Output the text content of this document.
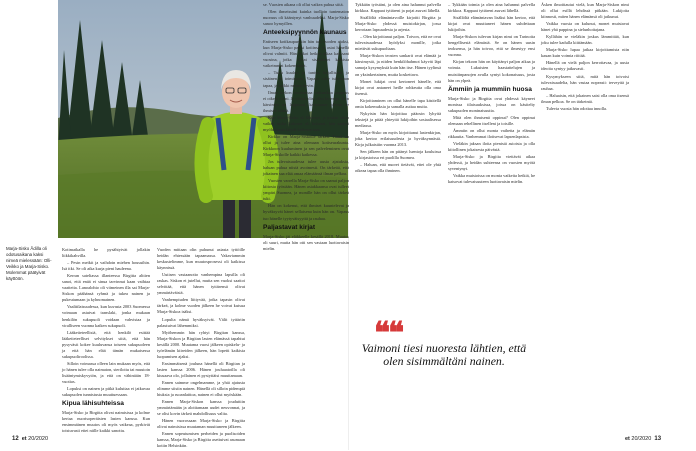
Marja-Sisko Ådilla oli odotusaikana kaksi nimeä mielessään: Olli-Veikko ja Marja-Sisko. Molemmat päätyivät käyttöön.

Kotimatkalla he pysähtyivät jollakin liikkikahvilla.

– Pesin meikit ja vaihdoin miehen housuihin. Isä itki. Se oli aika kurja pieni hauleena.

Kerran sateliassa illanteessa Birgitta alttien sanoi, että enää ei sinua tarvinnut kaan vaihtaa vaatteita. Lanoalohto oli viimeinen illa sai Marja-Siskon päähänsä ryhmä ja tukea nainen ja pukeutumaan ja kyhnomainen.

Vaalitilaisuudessa, kun kuvasta 2003 Suomessa voimaan astuivat translaki, jonka mukaan henkilön sukupuoli voidaan vahvistaa ja viralliseen vuonna kaiken sukupuoli.

Lääketieteellisiä, että henkilö esittää lääketieteelliset selvitykset siitä, että hän pysyvästi kokee kuuluvansa toiseen sukupuoleen ja että hän elää tämän mukaisessa sukupuoliroolissa.

Silloin voimassa olleen lain mukaan myös, että jo hänen tulee olla naimaton, steriloitu tai muutoin lisääntymiskyvytön, ja että on vähintään 18-vuotias.

Lopuksi on nainen ja pitkä kuluttaa ei jatkuvaa sukupuolen tunnistusta muuttuessaan.

Kipua lähisuhteissa

Marja-Sisko ja Birgitta olivat naimisissa ja kolme kertaa nuorisoperäisten lasten kanssa. Kun ensimmäinen muutos oli myös vaikeaa, pyrkivät toistuvasti ettei niille kaikki sanottu.

Vuoden mittaan olin puhunut asiasta tyttöille heidän ehtessään tapaamassa. Vakaviammin keskustelimme, kun muutosprosessi oli kaikissa käynnissä.

Uutisen vastaanotto vanhempina lapsilla oli raskas. Siskon ei jutellut, mutta sen vuoksi saattoi selvittää, että hänen tyttärensä olivat ymmärtäväisiä.

Vanhempiuden liittyvää, jotka tapasin olivat tärkeä, ja kolme vuoden jälkeen he voivat kutsua Marja-Siskoa isäksi.

Lopulta nämä hyväksyivät. Välit tyttäriin palautuivat lähemmiksi.

Myöhemmin hän ryhtyi Birgitan kanssa, Marja-Siskon ja Birgitan lasten elämässä tapahtui kesällä 2000. Muutama vuosi jälkeen opiskelu- ja työelämän kiireiden jälkeen, hän lopetti kaikista luopumisen ajaksi.

Ensimmäisenä jouluna hänellä oli Birgitan ja lasten kanssa 2006. Hänen jouluaatoilla oli kiusaava olo, jollainen ei pystyttäisi muuttamaan.

Ennen saimme ongelmamme, ja yhtä ajatusta olimme siistin nainen. Hänellä oli silloin pidempiä hiuksia ja ruoanlaittoa, nainen ei ollut myöskään.

Ennen Marja-Siskon kanssa jouduttiin ymmärtämään ja aloittamaan uudet neuvonnat, ja se olisi kovin tärkeä mahdollisuus valita.

Hänen vuorossaan Marja-Sisko ja Birgitta olivat naimisissa muutaman muuttuneen jälkeen.

Ennen sopeutumisen perheiden ja puolisoiden kanssa, Marja-Sisko ja Birgitta asettuivat asumaan kotiin Helsinkiin.

se. Vuosien aikana oli ollut vaikea puhua siitä.

Olen ihmeissäni kuinka tuolloin tuntematon nuoruus oli kääntynyt vanhuudeksi. Marja-Sisko sanoo hymyillen.

Anteeksipyynnön kaunaus

Entiseen kotikaupunkiin hän tuli vuoden ajaksi, kun Marja-Sisko palasi kotiinsa, ja asiat hänellä olivat valmiit. Hän jatkoi hetken aikaa kanssani vuosina, jotka olivat sisältäneet kaikista vaikeimmat kokemukset.

– Tuttu kuuluu ja tuntuu kirjallisesti ja sisäinen ja toimimaan. Vapaus tulee tukemaan tapaa, ja kaikki menee hyvin.

Ilman kirkon osoittamaa virkaaikaa pappeus ei oikein toimi. Ja elämä olisi ollut kivempi. Kun kärsimys on loppunut, katsomme olevan se ihmisen elämä.

Kun Marja-Sisko oli lähtenyt, ja jonkin aikaa vaikea tuska kirkosta oli kulunut, hän saattoi myöhemmin käydä kirkossa taas.

Kirkko on Marja-Siskolle tärkeä. Tämä on ollut ja tulee aina olemaan kotiseurakunta. Kirkkoon kuuluminen ja sen palveleminen ovat Marja-Siskolle kaikki kaikessa.

Jos tulevaisuudessa tulee uusia ajatuksia, haluan puhua niistä avoimesti. On tärkeää, että jokainen saa elää omaa elämäänsä ilman pelkoa.

Vuosien varrella Marja-Sisko on saanut paljon kiitosta työstään. Hänen asiakkaansa ovat tulleet ympäri Suomea, ja monille hän on ollut tärkeä tuki.

Hän on kokenut, että ihmiset kuuntelevat ja hyväksyvät hänet sellaisena kuin hän on. Vapaus tuo hänelle tyytyväisyyttä ja rauhaa.

Paljastavat kirjat

Marja-Sisko jäi eläkkeelle kesällä 2018. Muutos oli suuri, mutta hän otti sen vastaan luottavaisin mielin.

Tykkään työstäni, ja olen aina halunnut palvella kirkkoa. Kappaat tyttäreni ja pojat asuvat lähellä.

Sisällöltä elämäntavoille kirjoitti Birgitta ja Marja-Sisko yhdessä muistokirjan, jossa kerrotaan lapsuudesta ja arjesta.

– Olen kirjoittanut paljon. Toivon, että ne ovat tulevaisuudessa hyödyksi monille, jotka miettivät sukupuoltaan.

Marja-Siskon teosten sankarit ovat elämää ja kärsimystä, ja niiden henkilöhahmot käyvät läpi samoja kysymyksiä kuin hän itse. Hänen tyylinsä on yksinkertainen, mutta koskettava.

Monet lukijat ovat kertoneet hänelle, että kirjat ovat antaneet heille rohkeutta olla oma itsensä.

Kirjoittaminen on ollut hänelle tapa käsitellä omia kokemuksia ja samalla auttaa muita.

Nykyisin hän kirjoittaa pääosin lyhyitä tekstejä ja pitää yhteyttä lukijoihin sosiaalisessa mediassa.

Marja-Sisko on myös kirjoittanut lastenkirjan, joka kertoo erilaisuudesta ja hyväksynnästä. Kirja julkaistiin vuonna 2013.

Sen jälkeen hän on pitänyt luentoja kouluissa ja kirjastoissa eri puolilla Suomea.

– Haluan, että nuoret tietävät, ettei ole yhtä oikeaa tapaa olla ihminen.

– Tykkään toimia ja olen aina halunnut palvella kirkkoa. Kappaat tyttäreni asuvat lähellä.

Sisällöltä elämäntavan lisäksi hän kertoo, että kirjat ovat muuttaneet hänen suhdettaan lukijoihin.

Marja-Siskon tulevan kirjan nimi on Tarinoita hengellisestä elämästä. Se on hänen uusin teoksensa, ja hän toivoo, että se ilmestyy ensi vuonna.

Kirjan tekoon hän on käyttänyt paljon aikaa ja voimia. Lukuisten haastattelujen ja muistiinpanojen avulla syntyi kokonaisuus, josta hän on ylpeä.

Ämmiin ja mummiin huosa

Marja-Sisko ja Birgitta ovat yhdessä käyneet monissa tilaisuuksissa, joissa on käsitelty sukupuolen moninaisuutta.

Mitä olen ihmisenä oppinut? Olen oppinut olemaan rehellinen itselleni ja toisille.

Ämmiin on ollut monta vaihetta ja elämän rikkautta. Vanhemmat iloitsevat lapsenlapsista.

Vieläkin jaksan iloita pienistä asioista ja olla kiitollinen jokaisesta päivästä.

Marja-Sisko ja Birgitta viettävät aikaa yhdessä, ja heidän suhteensa on vuosien myötä syventynyt.

Vaikka muistoissa on monia vaikeita hetkiä, he katsovat tulevaisuuteen luottavaisin mielin.

Äsken ilmoittautui vielä, kun Marja-Siskon nimi oli ollut esillä lehdissä pitkään. Lukijoita kiinnosti, miten hänen elämänsä oli jatkunut.

Vaikka vuosia on kulunut, monet muistavat hänet yhä pappina ja sielunhoitajana.

Kyllähän se vieläkin joskus lämmittää, kun joku tulee kadulla kiittämään.

Marja-Sisko lupaa jatkaa kirjoittamista niin kauan kuin voimia riittää.

Hänellä on vielä paljon kerrottavaa, ja uusia ideoita syntyy jatkuvasti.

Kysymykseen siitä, mitä hän toivoisi tulevaisuudelta, hän vastaa nopeasti: terveyttä ja rauhaa.

– Haluaisin, että jokainen saisi olla oma itsensä ilman pelkoa. Se on tärkeintä.

Tulevia vuosia hän odottaa innolla.

❝❝
Vaimoni tiesi nuoresta lähtien, että olen sisimmältäni nainen.
12 et 20/2020	et 20/2020 13
